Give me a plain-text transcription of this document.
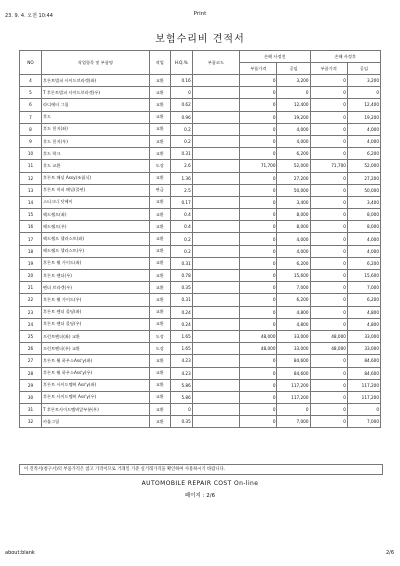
23. 9. 4. 오전 10:44	Print
보험수리비 견적서
NO	작업항목 및 부품명	작업	H.Q.%	부품코드	손해 사정전		손해 사정후	
					부품가격	공임	부품가격	공임
4	후론트범퍼 사이드브라켓(좌)	교환	0.16		0	3,200	0	3,200
5	T 후론트범퍼 사이드브라켓(우)	교환	0		0	0	0	0
6	라디에터 그릴	교환	0.62		0	12,400	0	12,400
7	후드	교환	0.96		0	19,200	0	19,200
8	후드 힌지(좌)	교환	0.2		0	4,000	0	4,000
9	후드 힌지(우)	교환	0.2		0	4,000	0	4,000
10	후드 락크	교환	0.31		0	6,200	0	6,200
11	후드 교환	도장	2.6		71,700	52,000	71,700	52,000
12	후론트 패널 Assy(조립식)	교환	1.36		0	27,200	0	27,200
13	후론트 머퍼 패널(풀핀)	판금	2.5		0	50,000	0	50,000
14	스티크너 닷베이	교환	0.17		0	3,400	0	3,400
15	헤드램프(좌)	교환	0.4		0	8,000	0	8,000
16	헤드램프(우)	교환	0.4		0	8,000	0	8,000
17	헤드램프 헬라스트(좌)	교환	0.2		0	4,000	0	4,000
18	헤드램프 헬라스트(우)	교환	0.2		0	4,000	0	4,000
19	후론트 휠 가이드(좌)	교환	0.31		0	6,200	0	6,200
20	후론트 펜더(우)	교환	0.78		0	15,600	0	15,600
21	펜더 브라켓(우)	교환	0.35		0	7,000	0	7,000
22	후론트 휠 가이드(우)	교환	0.31		0	6,200	0	6,200
23	후론트 펜더 몰딩(좌)	교환	0.24		0	4,800	0	4,800
24	후론트 펜더 몰딩(우)	교환	0.24		0	4,800	0	4,800
25	프런트펜더(좌) 교환	도장	1.65		48,000	33,000	48,000	33,000
26	프런트펜더(우) 교환	도장	1.65		48,000	33,000	48,000	33,000
27	후론트 휠 하우스Ass'y(좌)	교환	4.23		0	84,600	0	84,600
28	후론트 휠 하우스Ass'y(우)	교환	4.23		0	84,600	0	84,600
29	후론트 사이드멤버 Ass'y(좌)	교환	5.86		0	117,200	0	117,200
30	후론트 사이드멤버 Ass'y(우)	교환	5.86		0	117,200	0	117,200
31	T 후론트사이드멤버앞부분(우)	교환	0		0	0	0	0
32	카울그릴	교환	0.35		0	7,000	0	7,000
이 견적서(청구서)의 부품가격은 참고 가격이므로 거래일 기준 실거래가격을 확인하여 사용하시기 바랍니다.
AUTOMOBILE REPAIR COST On-line
페이지 : 2/6
about:blank	2/6
